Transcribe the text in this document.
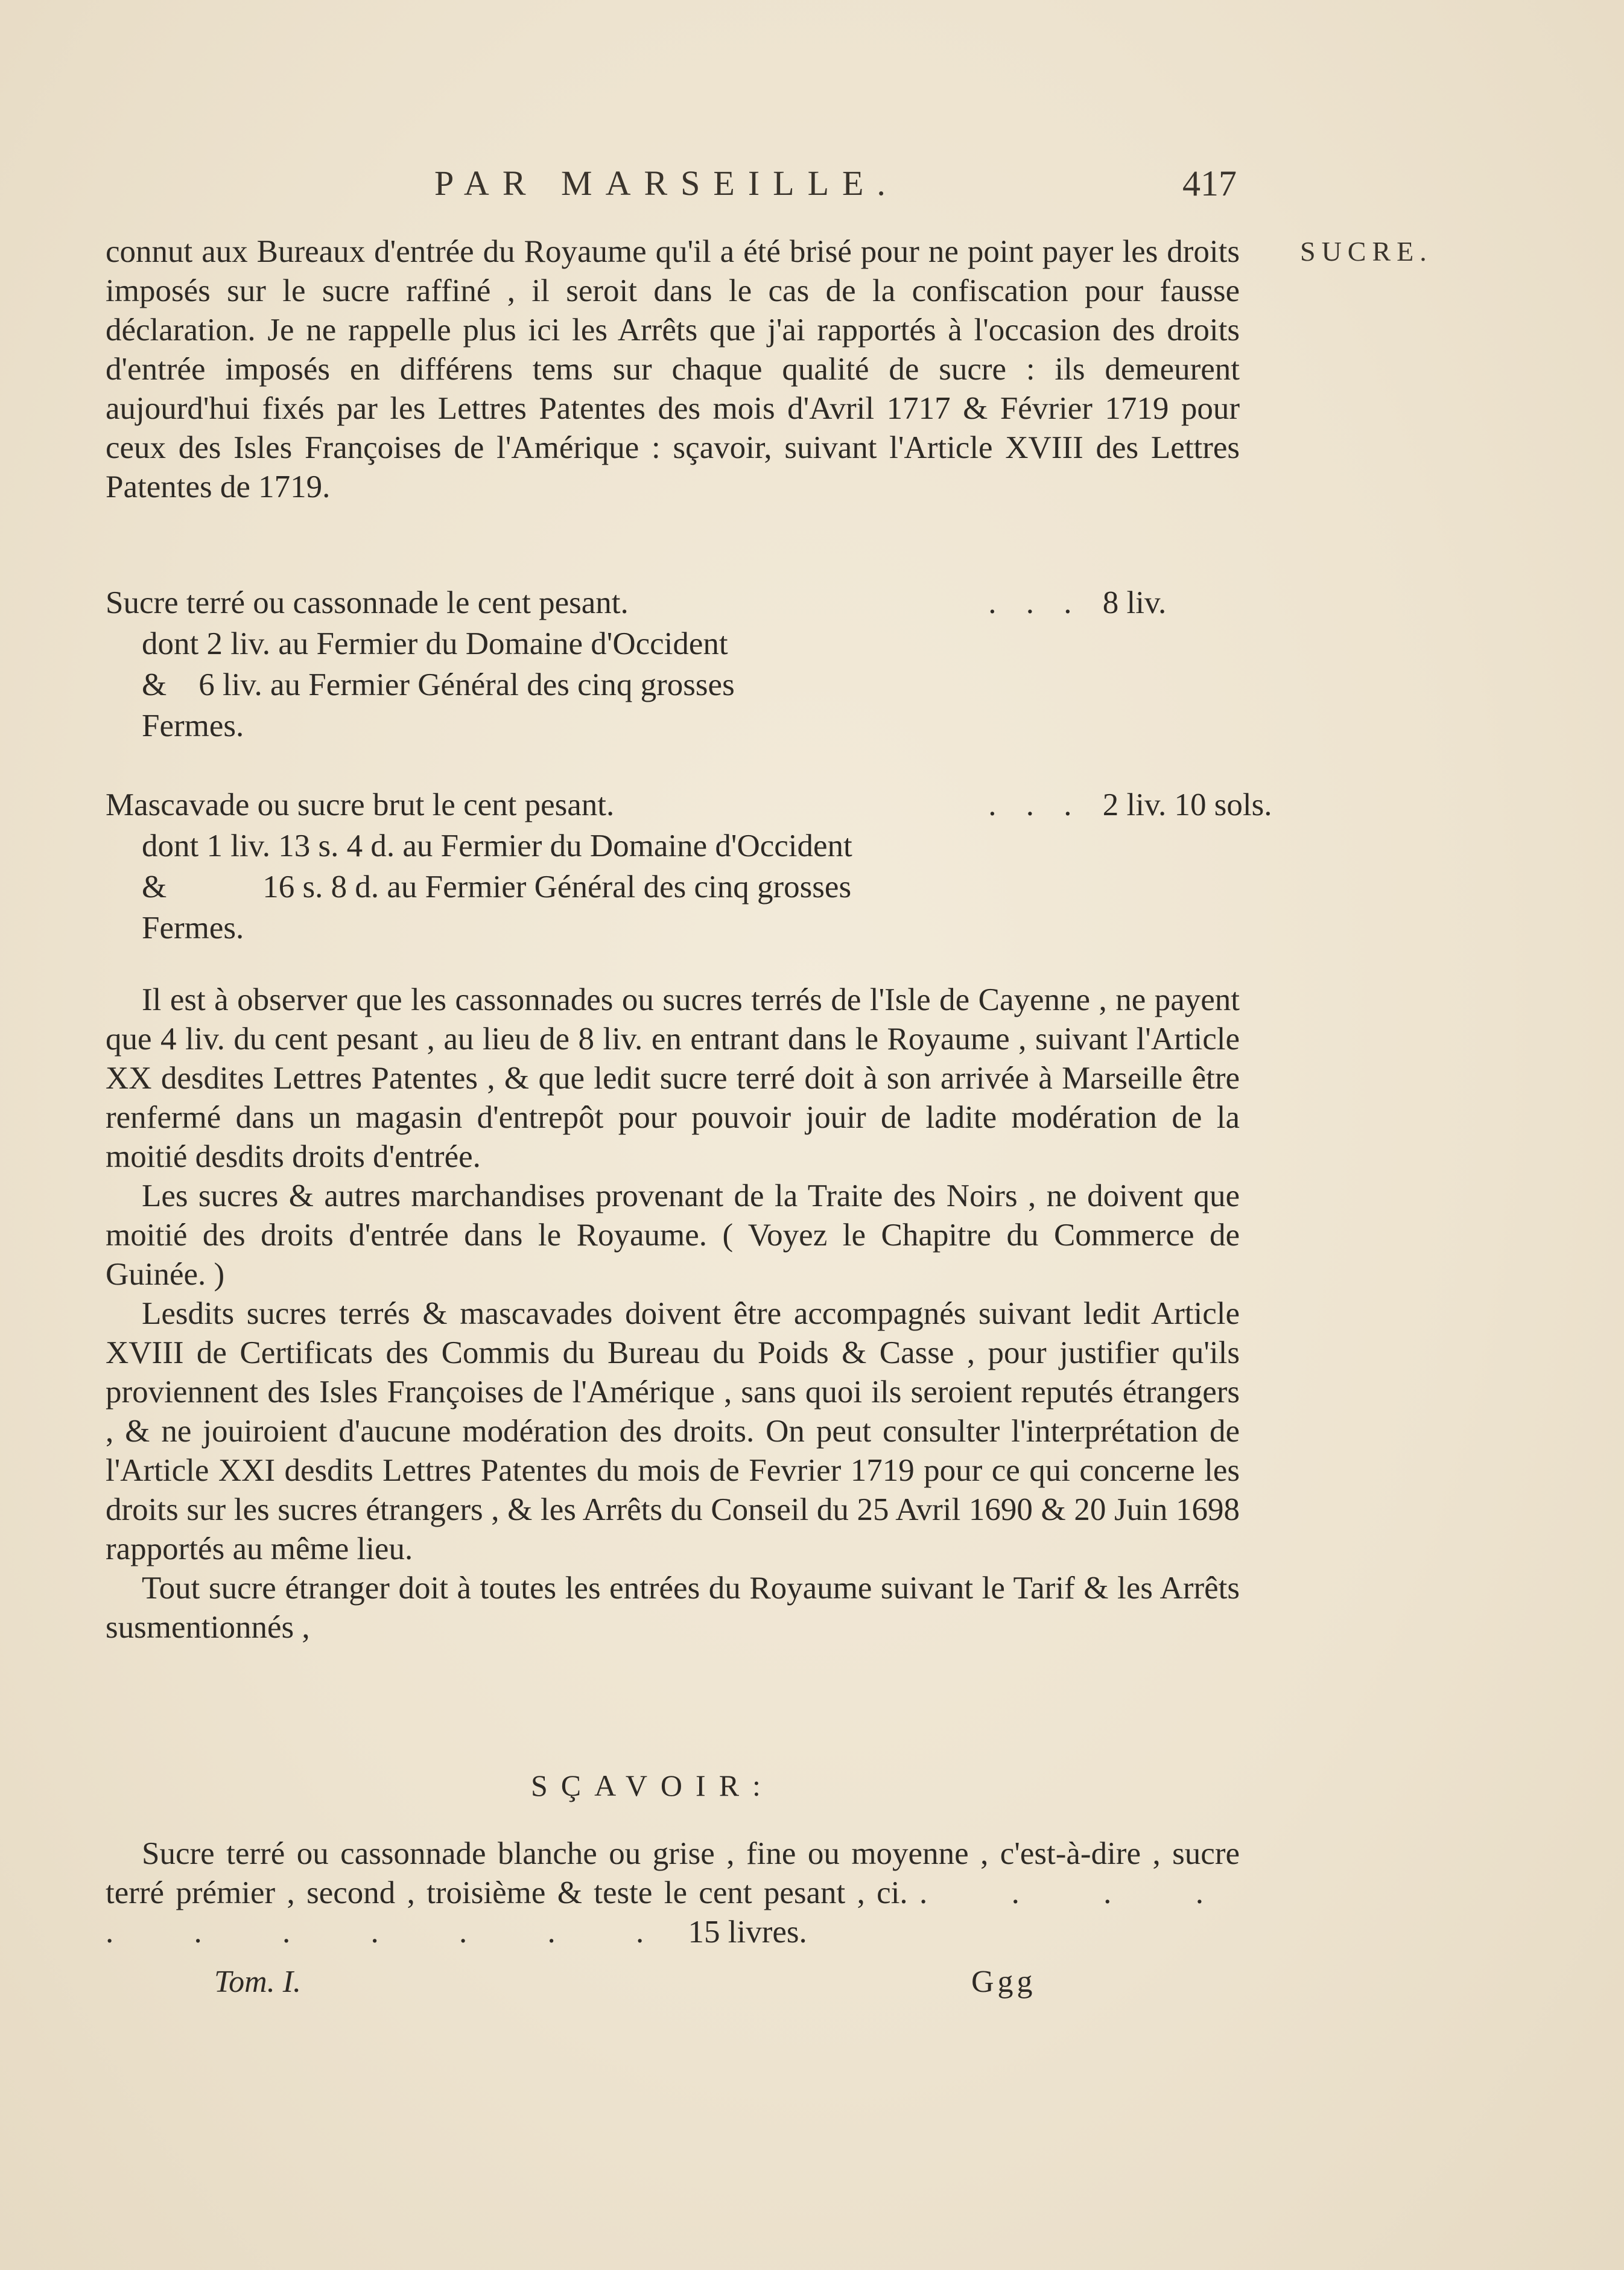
PAR MARSEILLE.	417
SUCRE.

connut aux Bureaux d'entrée du Royaume qu'il a été brisé pour ne point payer les droits imposés sur le sucre raffiné , il seroit dans le cas de la confiscation pour fausse déclaration. Je ne rappelle plus ici les Arrêts que j'ai rapportés à l'occasion des droits d'entrée imposés en différens tems sur chaque qualité de sucre : ils demeurent aujourd'hui fixés par les Lettres Patentes des mois d'Avril 1717 & Février 1719 pour ceux des Isles Françoises de l'Amérique : sçavoir, suivant l'Article XVIII des Lettres Patentes de 1719.

Sucre terré ou cassonnade le cent pesant.	. . . 8 liv.
dont 2 liv. au Fermier du Domaine d'Occident
&    6 liv. au Fermier Général des cinq grosses
Fermes.
Mascavade ou sucre brut le cent pesant.	. . . 2 liv. 10 sols.
dont 1 liv. 13 s. 4 d. au Fermier du Domaine d'Occident
&            16 s. 8 d. au Fermier Général des cinq grosses
Fermes.

Il est à observer que les cassonnades ou sucres terrés de l'Isle de Cayenne , ne payent que 4 liv. du cent pesant , au lieu de 8 liv. en entrant dans le Royaume , suivant l'Article XX desdites Lettres Patentes , & que ledit sucre terré doit à son arrivée à Marseille être renfermé dans un magasin d'entrepôt pour pouvoir jouir de ladite modération de la moitié desdits droits d'entrée.

Les sucres & autres marchandises provenant de la Traite des Noirs , ne doivent que moitié des droits d'entrée dans le Royaume. ( Voyez le Chapitre du Commerce de Guinée. )

Lesdits sucres terrés & mascavades doivent être accompagnés suivant ledit Article XVIII de Certificats des Commis du Bureau du Poids & Casse , pour justifier qu'ils proviennent des Isles Françoises de l'Amérique , sans quoi ils seroient reputés étrangers , & ne jouiroient d'aucune modération des droits. On peut consulter l'interprétation de l'Article XXI desdits Lettres Patentes du mois de Fevrier 1719 pour ce qui concerne les droits sur les sucres étrangers , & les Arrêts du Conseil du 25 Avril 1690 & 20 Juin 1698 rapportés au même lieu.

Tout sucre étranger doit à toutes les entrées du Royaume suivant le Tarif & les Arrêts susmentionnés ,

SÇAVOIR:

Sucre terré ou cassonnade blanche ou grise , fine ou moyenne , c'est-à-dire , sucre terré prémier , second , troisième & teste le cent pesant , ci. . . . . . . . . . . . 15 livres.

Tom. I.	Ggg
